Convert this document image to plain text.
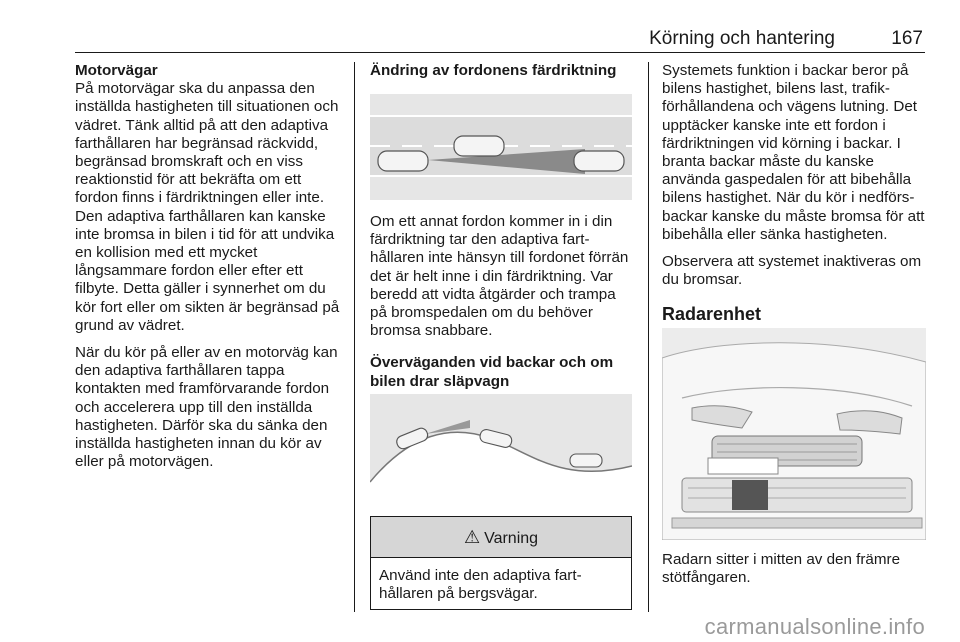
Körning och hantering	167

Motorvägar

På motorvägar ska du anpassa den inställda hastigheten till situationen och vädret. Tänk alltid på att den adaptiva farthållaren har begränsad räckvidd, begränsad bromskraft och en viss reaktionstid för att bekräfta om ett fordon finns i färdriktningen eller inte. Den adaptiva farthållaren kan kanske inte bromsa in bilen i tid för att undvika en kollision med ett mycket långsammare fordon eller efter ett filbyte. Detta gäller i synnerhet om du kör fort eller om sikten är begränsad på grund av vädret.

När du kör på eller av en motorväg kan den adaptiva farthållaren tappa kontakten med framförvarande fordon och accelerera upp till den inställda hastigheten. Därför ska du sänka den inställda hastigheten innan du kör av eller på motorvägen.

Ändring av fordonens färdriktning

Om ett annat fordon kommer in i din färdriktning tar den adaptiva farthållaren inte hänsyn till fordonet förrän det är helt inne i din färdriktning. Var beredd att vidta åtgärder och trampa på bromspedalen om du behöver bromsa snabbare.

Överväganden vid backar och om bilen drar släpvagn

⚠ Varning
Använd inte den adaptiva farthållaren på bergsvägar.

Systemets funktion i backar beror på bilens hastighet, bilens last, trafikförhållandena och vägens lutning. Det upptäcker kanske inte ett fordon i färdriktningen vid körning i backar. I branta backar måste du kanske använda gaspedalen för att bibehålla bilens hastighet. När du kör i nedförsbackar kanske du måste bromsa för att bibehålla eller sänka hastigheten.

Observera att systemet inaktiveras om du bromsar.

Radarenhet

Radarn sitter i mitten av den främre stötfångaren.

carmanualsonline.info
